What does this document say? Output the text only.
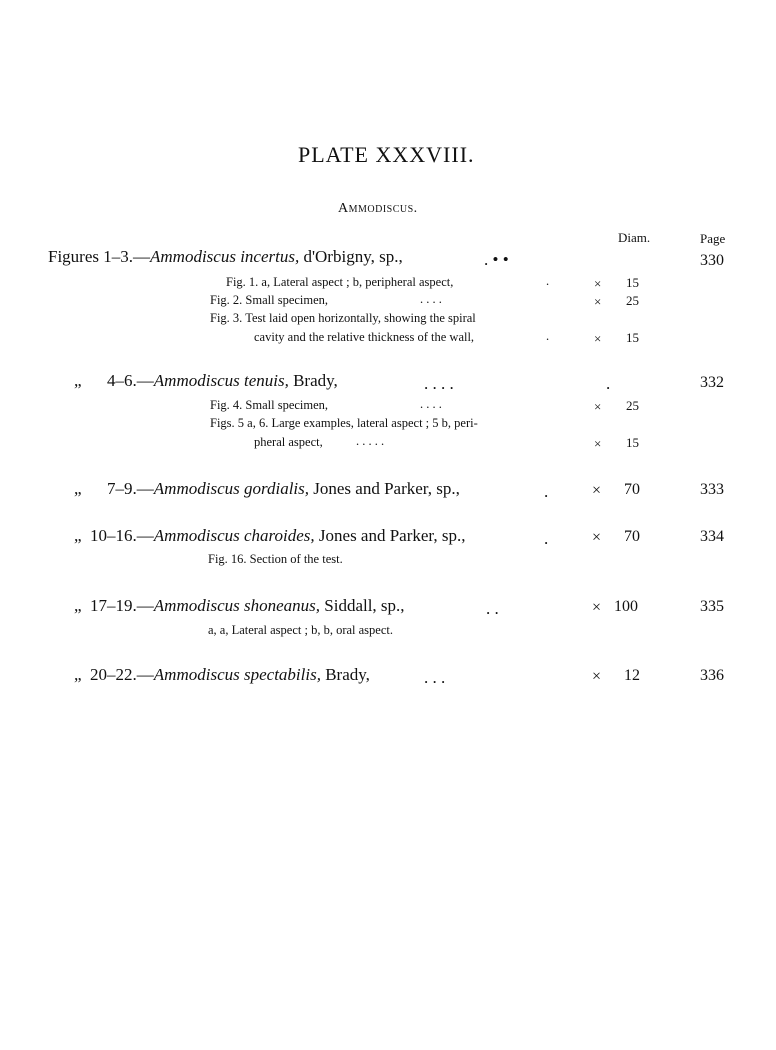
PLATE XXXVIII.
Ammodiscus.
Diam.	Page
Figures 1–3.—Ammodiscus incertus, d'Orbigny, sp.,	. • •	330
Fig. 1. a, Lateral aspect ; b, peripheral aspect,	.	× 15
Fig. 2. Small specimen,	. . . .	× 25
Fig. 3. Test laid open horizontally, showing the spiral
cavity and the relative thickness of the wall,	.	× 15
„      4–6.—Ammodiscus tenuis, Brady,	. . . .	.	332
Fig. 4. Small specimen,	. . . .	× 25
Figs. 5 a, 6. Large examples, lateral aspect ; 5 b, peri-
pheral aspect,	. . . . .	× 15
„      7–9.—Ammodiscus gordialis, Jones and Parker, sp.,	.	× 70	333
„  10–16.—Ammodiscus charoides, Jones and Parker, sp.,	.	× 70	334
Fig. 16. Section of the test.
„  17–19.—Ammodiscus shoneanus, Siddall, sp.,	. .	× 100	335
a, a, Lateral aspect ; b, b, oral aspect.
„  20–22.—Ammodiscus spectabilis, Brady,	. . .	× 12	336
